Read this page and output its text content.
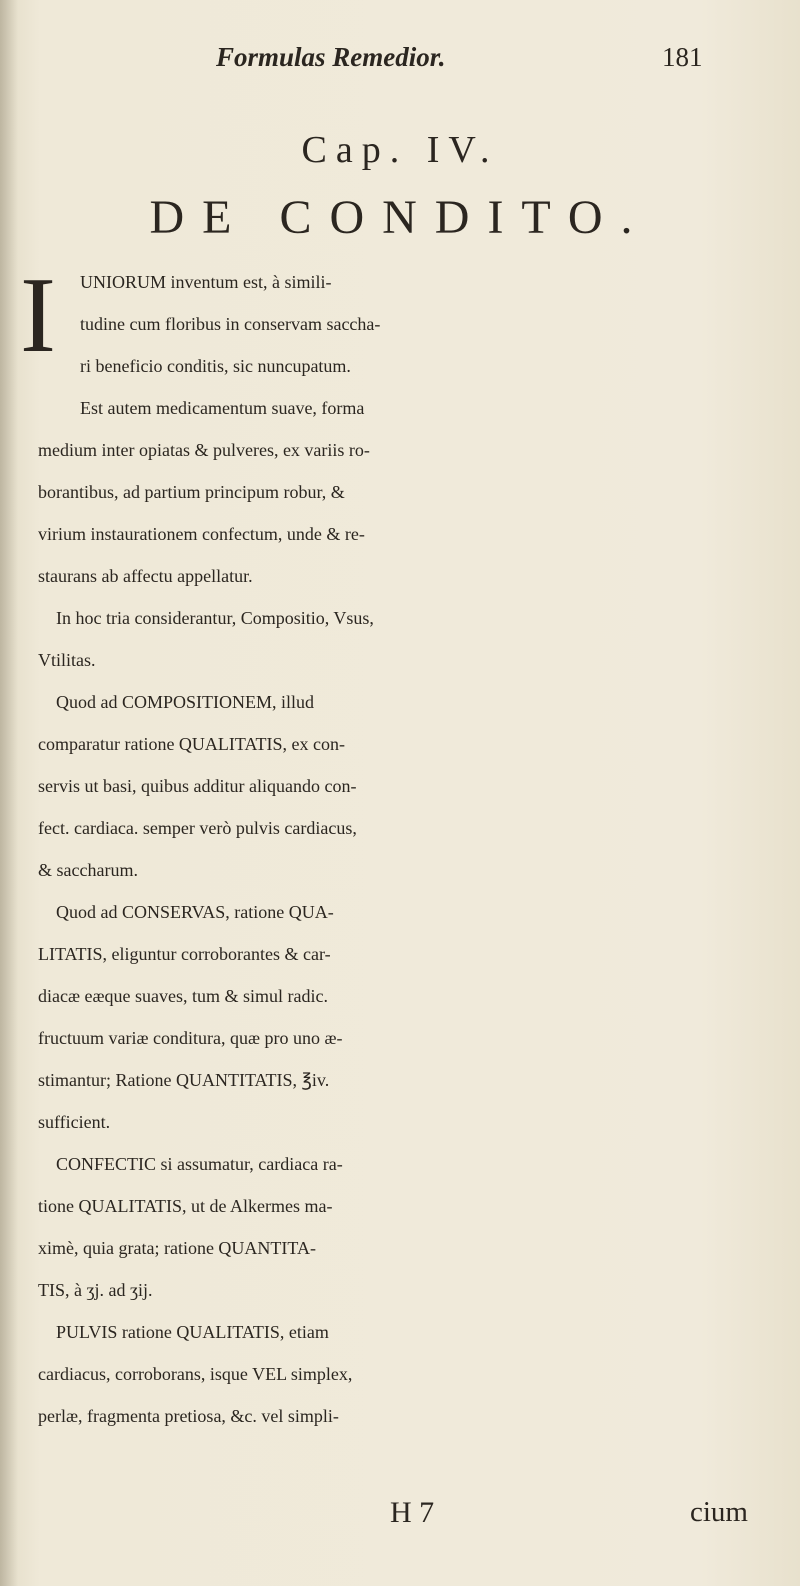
Formulas Remedior.	181
Cap. IV.
DE CONDITO.
I UNIORUM inventum est, à simili-
tudine cum floribus in conservam saccha-
ri beneficio conditis, sic nuncupatum.
Est autem medicamentum suave, forma
medium inter opiatas & pulveres, ex variis ro-
borantibus, ad partium principum robur, &
virium instaurationem confectum, unde & re-
staurans ab affectu appellatur.
In hoc tria considerantur, Compositio, Vsus,
Vtilitas.
Quod ad COMPOSITIONEM, illud
comparatur ratione QUALITATIS, ex con-
servis ut basi, quibus additur aliquando con-
fect. cardiaca. semper verò pulvis cardiacus,
& saccharum.
Quod ad CONSERVAS, ratione QUA-
LITATIS, eliguntur corroborantes & car-
diacæ eæque suaves, tum & simul radic.
fructuum variæ conditura, quæ pro uno æ-
stimantur; Ratione QUANTITATIS, ℥iv.
sufficient.
CONFECTIC si assumatur, cardiaca ra-
tione QUALITATIS, ut de Alkermes ma-
ximè, quia grata; ratione QUANTITA-
TIS, à ʒj. ad ʒij.
PULVIS ratione QUALITATIS, etiam
cardiacus, corroborans, isque VEL simplex,
perlæ, fragmenta pretiosa, &c. vel simpli-
H 7	cium
